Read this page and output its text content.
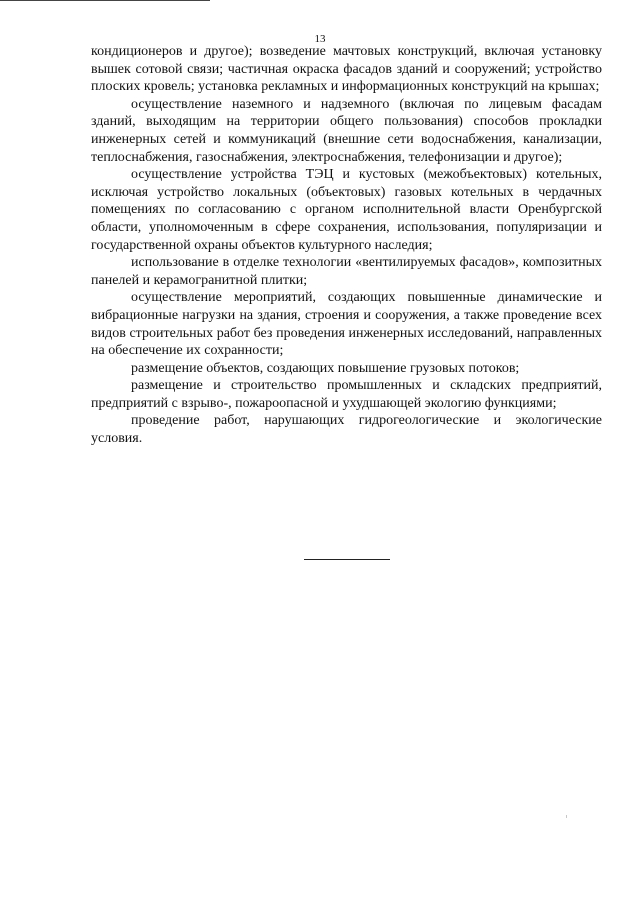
13

кондиционеров и другое); возведение мачтовых конструкций, включая установку вышек сотовой связи; частичная окраска фасадов зданий и сооружений; устройство плоских кровель; установка рекламных и информационных конструкций на крышах;

осуществление наземного и надземного (включая по лицевым фасадам зданий, выходящим на территории общего пользования) способов прокладки инженерных сетей и коммуникаций (внешние сети водоснабжения, канализации, теплоснабжения, газоснабжения, электроснабжения, телефонизации и другое);

осуществление устройства ТЭЦ и кустовых (межобъектовых) котельных, исключая устройство локальных (объектовых) газовых котельных в чердачных помещениях по согласованию с органом исполнительной власти Оренбургской области, уполномоченным в сфере сохранения, использования, популяризации и государственной охраны объектов культурного наследия;

использование в отделке технологии «вентилируемых фасадов», композитных панелей и керамогранитной плитки;

осуществление мероприятий, создающих повышенные динамические и вибрационные нагрузки на здания, строения и сооружения, а также проведение всех видов строительных работ без проведения инженерных исследований, направленных на обеспечение их сохранности;

размещение объектов, создающих повышение грузовых потоков;

размещение и строительство промышленных и складских предприятий, предприятий с взрыво-, пожароопасной и ухудшающей экологию функциями;

проведение работ, нарушающих гидрогеологические и экологические условия.
